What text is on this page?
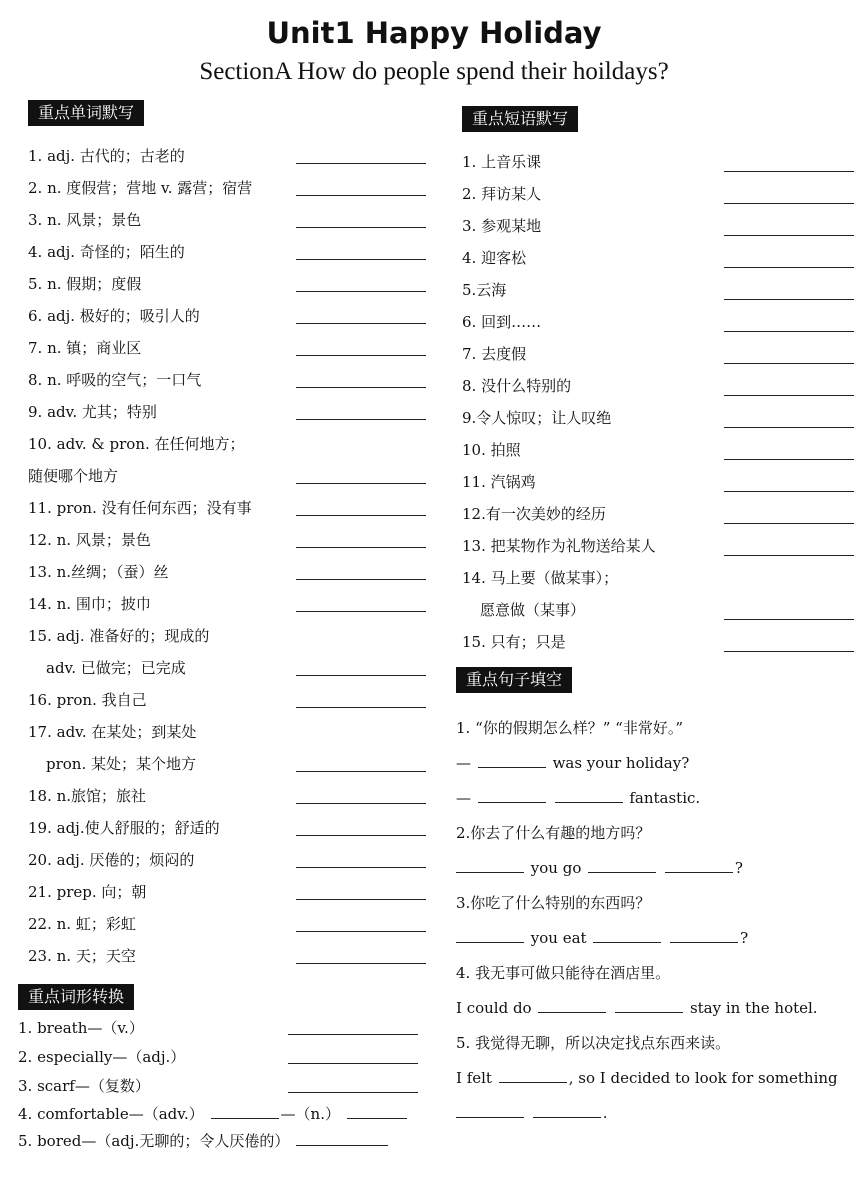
Unit1 Happy Holiday
SectionA How do people spend their hoildays?
重点单词默写
1. adj. 古代的；古老的
2. n. 度假营；营地 v. 露营；宿营
3. n. 风景；景色
4. adj. 奇怪的；陌生的
5. n. 假期；度假
6. adj. 极好的；吸引人的
7. n. 镇；商业区
8. n. 呼吸的空气；一口气
9. adv. 尤其；特别
10. adv. & pron. 在任何地方；
随便哪个地方
11. pron. 没有任何东西；没有事
12. n. 风景；景色
13. n.丝绸；（蚕）丝
14. n. 围巾；披巾
15. adj. 准备好的；现成的
adv. 已做完；已完成
16. pron. 我自己
17. adv. 在某处；到某处
pron. 某处；某个地方
18. n.旅馆；旅社
19. adj.使人舒服的；舒适的
20. adj. 厌倦的；烦闷的
21. prep. 向；朝
22. n. 虹；彩虹
23. n. 天；天空
重点词形转换
1. breath—（v.）
2. especially—（adj.）
3. scarf—（复数）
4. comfortable—（adv.）	—（n.）
5. bored—（adj.无聊的；令人厌倦的）
重点短语默写
1. 上音乐课
2. 拜访某人
3. 参观某地
4. 迎客松
5.云海
6. 回到……
7. 去度假
8. 没什么特别的
9.令人惊叹；让人叹绝
10. 拍照
11. 汽锅鸡
12.有一次美妙的经历
13. 把某物作为礼物送给某人
14. 马上要（做某事）；
愿意做（某事）
15. 只有；只是
重点句子填空
1. “你的假期怎么样？” “非常好。”
—	was your holiday?
—	fantastic.
2.你去了什么有趣的地方吗？
you go	?
3.你吃了什么特别的东西吗？
you eat	?
4. 我无事可做只能待在酒店里。
I could do	stay in the hotel.
5. 我觉得无聊，所以决定找点东西来读。
I felt	, so I decided to look for something
.
